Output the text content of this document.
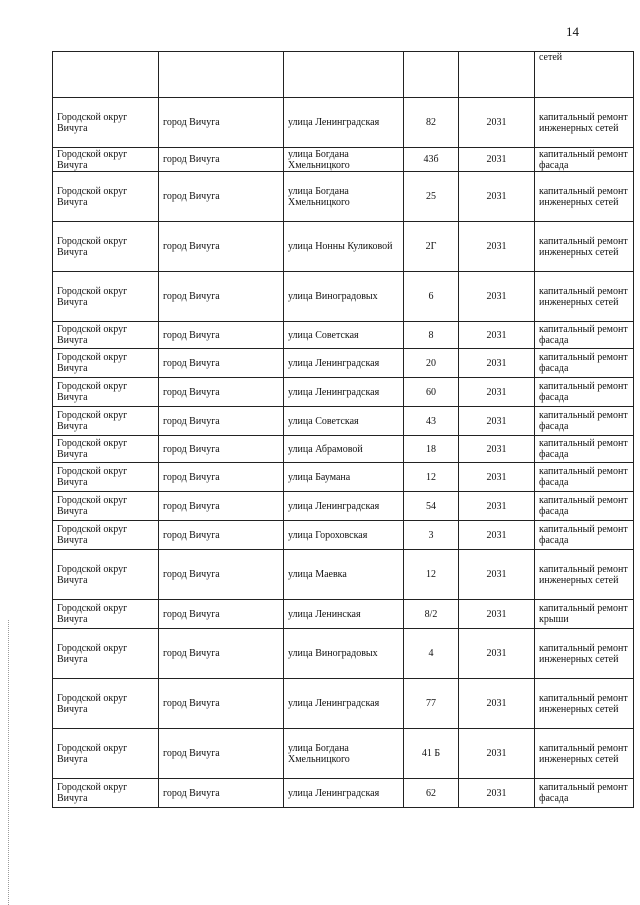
14
					сетей
Городской округ Вичуга	город Вичуга	улица Ленинградская	82	2031	капитальный ремонт инженерных сетей
Городской округ Вичуга	город Вичуга	улица Богдана Хмельницкого	43б	2031	капитальный ремонт фасада
Городской округ Вичуга	город Вичуга	улица Богдана Хмельницкого	25	2031	капитальный ремонт инженерных сетей
Городской округ Вичуга	город Вичуга	улица Нонны Куликовой	2Г	2031	капитальный ремонт инженерных сетей
Городской округ Вичуга	город Вичуга	улица Виноградовых	6	2031	капитальный ремонт инженерных сетей
Городской округ Вичуга	город Вичуга	улица Советская	8	2031	капитальный ремонт фасада
Городской округ Вичуга	город Вичуга	улица Ленинградская	20	2031	капитальный ремонт фасада
Городской округ Вичуга	город Вичуга	улица Ленинградская	60	2031	капитальный ремонт фасада
Городской округ Вичуга	город Вичуга	улица Советская	43	2031	капитальный ремонт фасада
Городской округ Вичуга	город Вичуга	улица Абрамовой	18	2031	капитальный ремонт фасада
Городской округ Вичуга	город Вичуга	улица Баумана	12	2031	капитальный ремонт фасада
Городской округ Вичуга	город Вичуга	улица Ленинградская	54	2031	капитальный ремонт фасада
Городской округ Вичуга	город Вичуга	улица Гороховская	3	2031	капитальный ремонт фасада
Городской округ Вичуга	город Вичуга	улица Маевка	12	2031	капитальный ремонт инженерных сетей
Городской округ Вичуга	город Вичуга	улица Ленинская	8/2	2031	капитальный ремонт крыши
Городской округ Вичуга	город Вичуга	улица Виноградовых	4	2031	капитальный ремонт инженерных сетей
Городской округ Вичуга	город Вичуга	улица Ленинградская	77	2031	капитальный ремонт инженерных сетей
Городской округ Вичуга	город Вичуга	улица Богдана Хмельницкого	41 Б	2031	капитальный ремонт инженерных сетей
Городской округ Вичуга	город Вичуга	улица Ленинградская	62	2031	капитальный ремонт фасада
